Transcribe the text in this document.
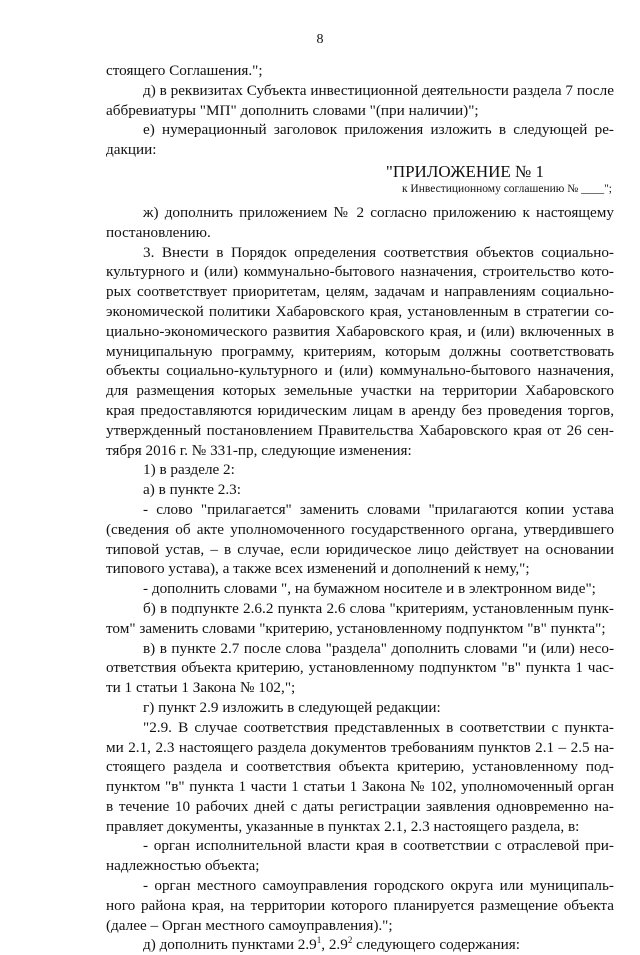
8
стоящего Соглашения.";
д) в реквизитах Субъекта инвестиционной деятельности раздела 7 после
аббревиатуры "МП" дополнить словами "(при наличии)";
е) нумерационный заголовок приложения изложить в следующей ре-
дакции:
"ПРИЛОЖЕНИЕ № 1
к Инвестиционному соглашению № ____";
ж) дополнить приложением № 2 согласно приложению к настоящему
постановлению.
3. Внести в Порядок определения соответствия объектов социально-
культурного и (или) коммунально-бытового назначения, строительство кото-
рых соответствует приоритетам, целям, задачам и направлениям социально-
экономической политики Хабаровского края, установленным в стратегии со-
циально-экономического развития Хабаровского края, и (или) включенных в
муниципальную программу, критериям, которым должны соответствовать
объекты социально-культурного и (или) коммунально-бытового назначения,
для размещения которых земельные участки на территории Хабаровского
края предоставляются юридическим лицам в аренду без проведения торгов,
утвержденный постановлением Правительства Хабаровского края от 26 сен-
тября 2016 г. № 331-пр, следующие изменения:
1) в разделе 2:
а) в пункте 2.3:
- слово "прилагается" заменить словами "прилагаются копии устава
(сведения об акте уполномоченного государственного органа, утвердившего
типовой устав, – в случае, если юридическое лицо действует на основании
типового устава), а также всех изменений и дополнений к нему,";
- дополнить словами ", на бумажном носителе и в электронном виде";
б) в подпункте 2.6.2 пункта 2.6 слова "критериям, установленным пунк-
том" заменить словами "критерию, установленному подпунктом "в" пункта";
в) в пункте 2.7 после слова "раздела" дополнить словами "и (или) несо-
ответствия объекта критерию, установленному подпунктом "в" пункта 1 час-
ти 1 статьи 1 Закона № 102,";
г) пункт 2.9 изложить в следующей редакции:
"2.9. В случае соответствия представленных в соответствии с пункта-
ми 2.1, 2.3 настоящего раздела документов требованиям пунктов 2.1 – 2.5 на-
стоящего раздела и соответствия объекта критерию, установленному под-
пунктом "в" пункта 1 части 1 статьи 1 Закона № 102, уполномоченный орган
в течение 10 рабочих дней с даты регистрации заявления одновременно на-
правляет документы, указанные в пунктах 2.1, 2.3 настоящего раздела, в:
- орган исполнительной власти края в соответствии с отраслевой при-
надлежностью объекта;
- орган местного самоуправления городского округа или муниципаль-
ного района края, на территории которого планируется размещение объекта
(далее – Орган местного самоуправления).";
д) дополнить пунктами $2.9^1$, $2.9^2$ следующего содержания:
